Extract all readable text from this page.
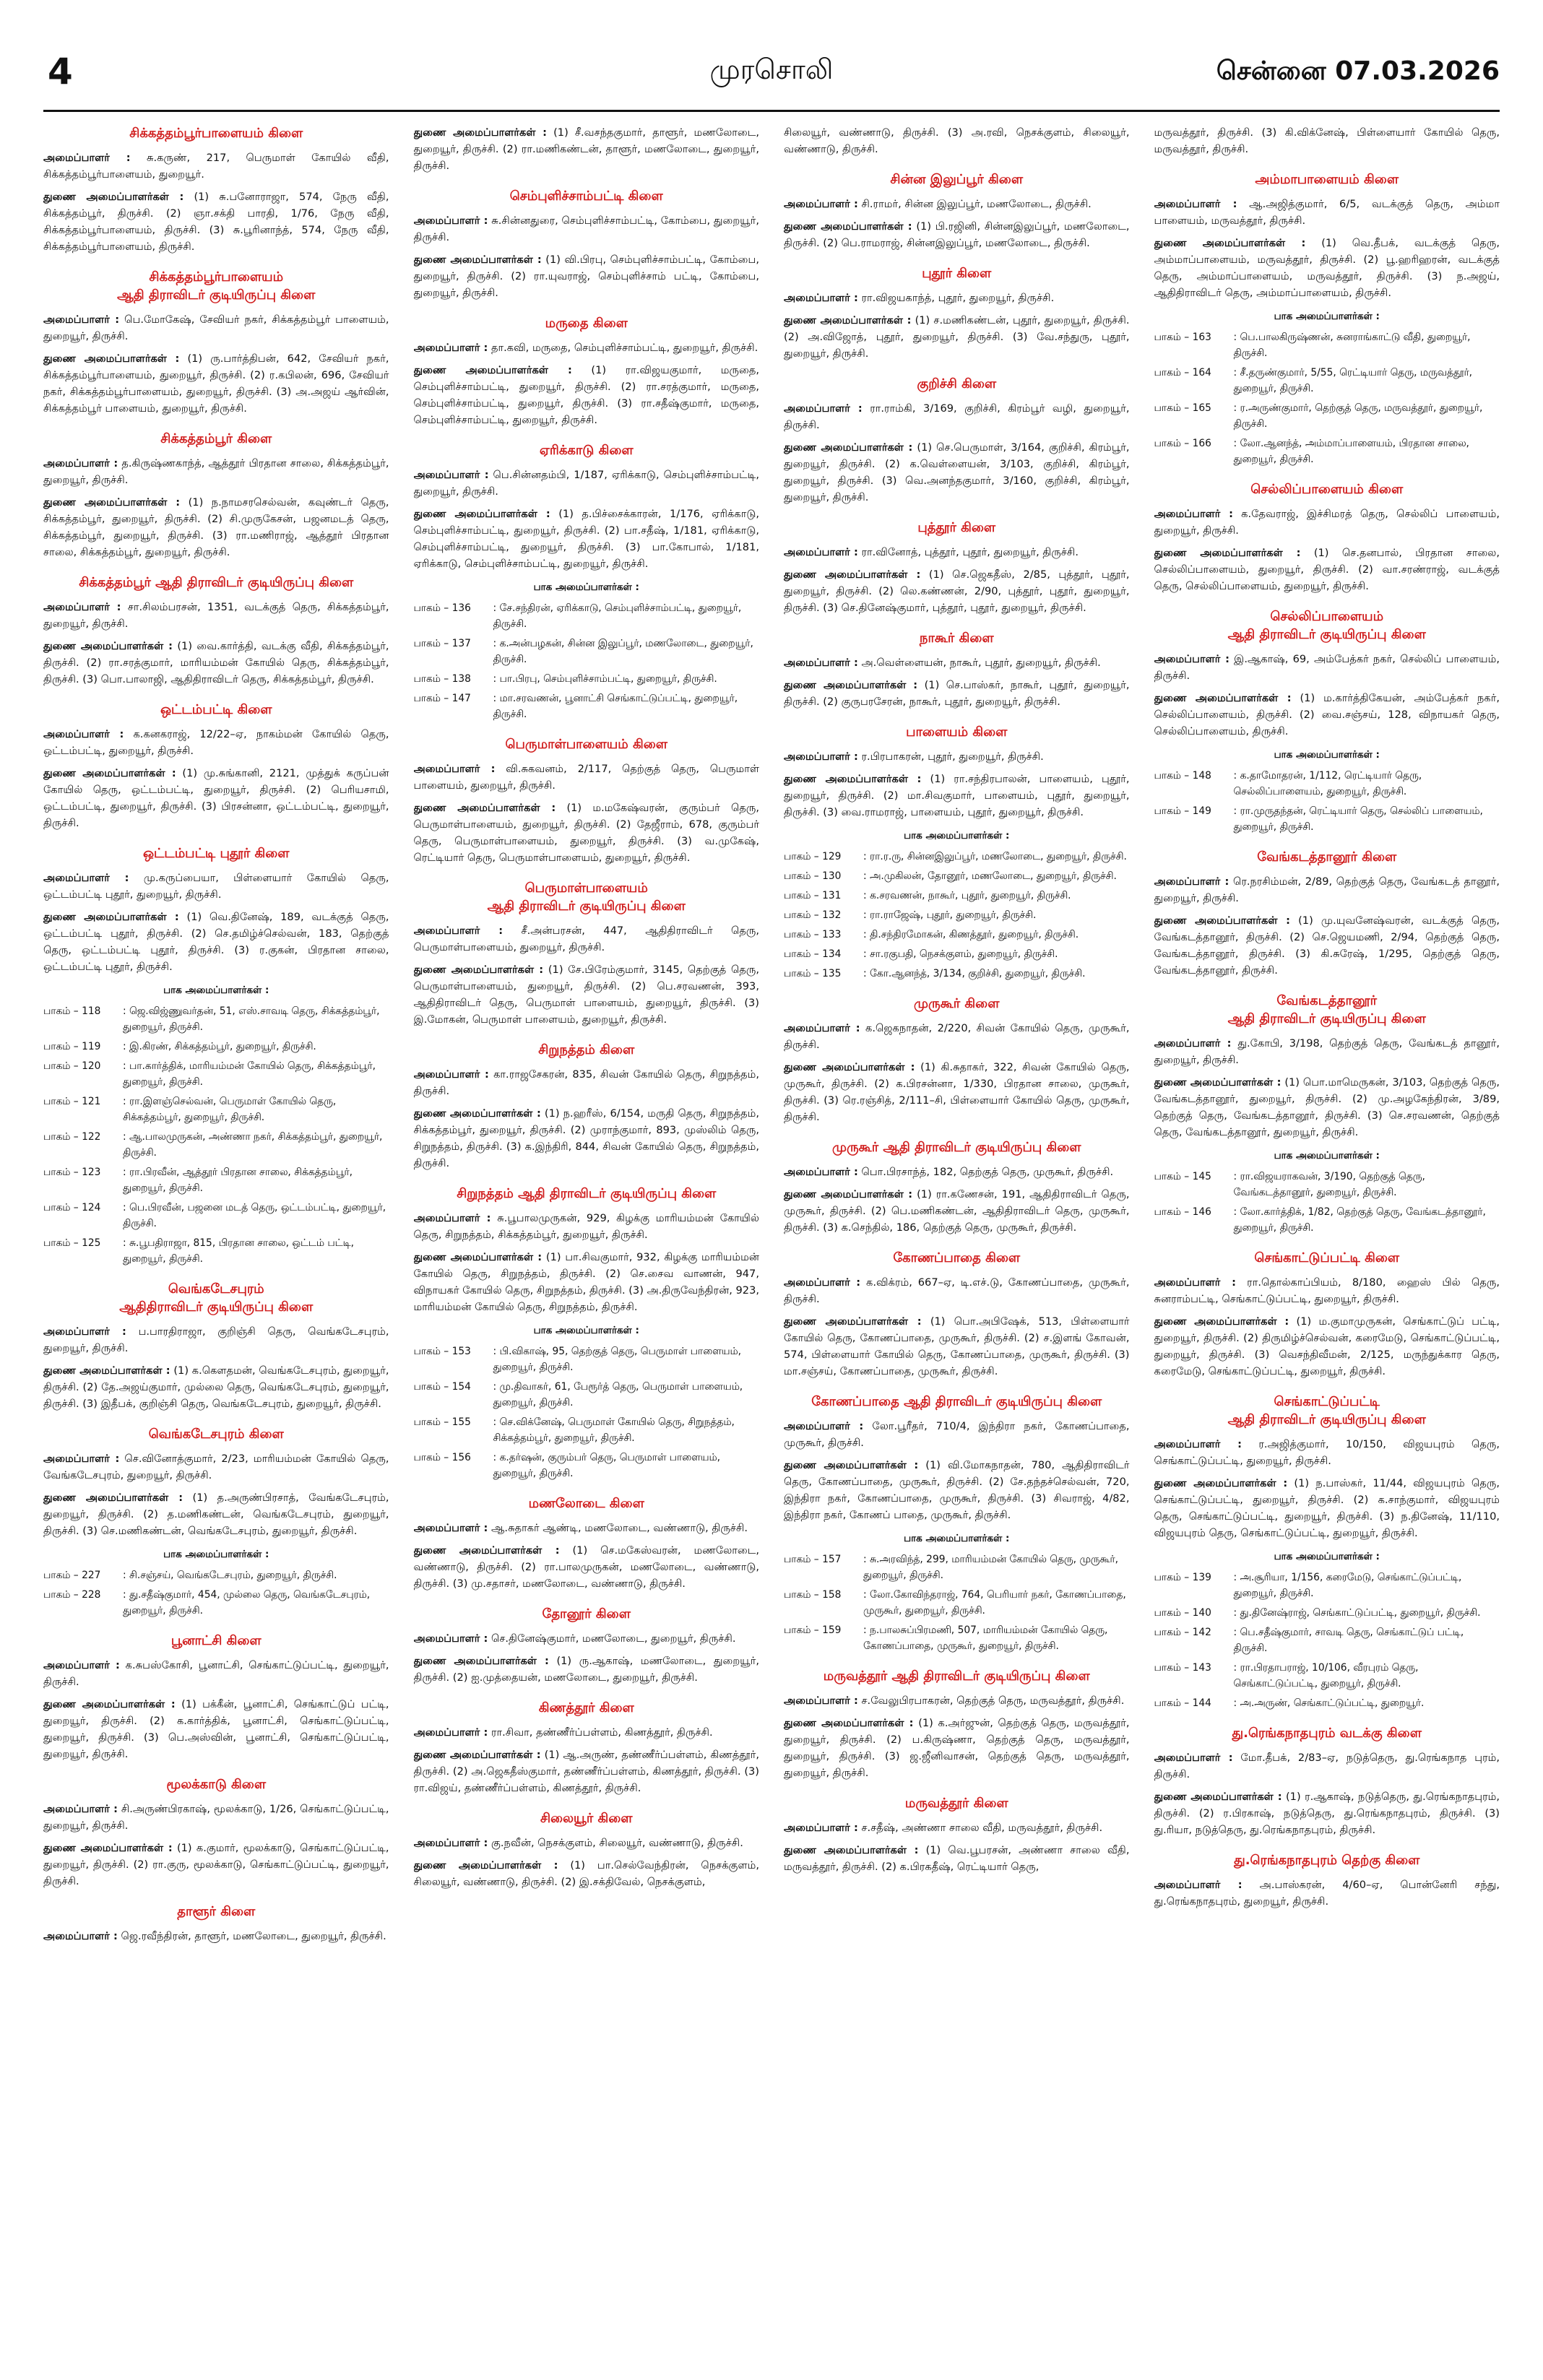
4	முரசொலி	சென்னை 07.03.2026
சிக்கத்தம்பூர்பாளையம் கிளை
அமைப்பாளர் : சு.கருண், 217, பெருமாள் கோயில் வீதி, சிக்கத்தம்பூர்பாளையம், துறையூர்.
துணை அமைப்பாளர்கள் : (1) சு.பனோராஜா, 574, நேரு வீதி, சிக்கத்தம்பூர், திருச்சி. (2) ஞா.சக்தி பாரதி, 1/76, நேரு வீதி, சிக்கத்தம்பூர்பாளையம், திருச்சி. (3) சு.பூரினாந்த், 574, நேரு வீதி, சிக்கத்தம்பூர்பாளையம், திருச்சி.
சிக்கத்தம்பூர்பாளையம்
ஆதி திராவிடர் குடியிருப்பு கிளை
அமைப்பாளர் : பெ.மோகேஷ், சேவியர் நகர், சிக்கத்தம்பூர் பாளையம், துறையூர், திருச்சி.
துணை அமைப்பாளர்கள் : (1) ரு.பார்த்திபன், 642, சேவியர் நகர், சிக்கத்தம்பூர்பாளையம், துறையூர், திருச்சி. (2) ர.கபிலன், 696, சேவியர் நகர், சிக்கத்தம்பூர்பாளையம், துறையூர், திருச்சி. (3) அ.அஜய் ஆர்வின், சிக்கத்தம்பூர் பாளையம், துறையூர், திருச்சி.
சிக்கத்தம்பூர் கிளை
அமைப்பாளர் : த.கிருஷ்ணகாந்த், ஆத்தூர் பிரதான சாலை, சிக்கத்தம்பூர், துறையூர், திருச்சி.
துணை அமைப்பாளர்கள் : (1) ந.நாமசரசெல்வன், கவுண்டர் தெரு, சிக்கத்தம்பூர், துறையூர், திருச்சி. (2) சி.முருகேசன், பஜனமடத் தெரு, சிக்கத்தம்பூர், துறையூர், திருச்சி. (3) ரா.மணிராஜ், ஆத்தூர் பிரதான சாலை, சிக்கத்தம்பூர், துறையூர், திருச்சி.
சிக்கத்தம்பூர் ஆதி திராவிடர் குடியிருப்பு கிளை
அமைப்பாளர் : சா.சிலம்பரசன், 1351, வடக்குத் தெரு, சிக்கத்தம்பூர், துறையூர், திருச்சி.
துணை அமைப்பாளர்கள் : (1) வை.கார்த்தி, வடக்கு வீதி, சிக்கத்தம்பூர், திருச்சி. (2) ரா.சரத்குமார், மாரியம்மன் கோயில் தெரு, சிக்கத்தம்பூர், திருச்சி. (3) பொ.பாலாஜி, ஆதிதிராவிடர் தெரு, சிக்கத்தம்பூர், திருச்சி.
ஒட்டம்பட்டி கிளை
அமைப்பாளர் : க.கனகராஜ், 12/22–ஏ, நாகம்மன் கோயில் தெரு, ஒட்டம்பட்டி, துறையூர், திருச்சி.
துணை அமைப்பாளர்கள் : (1) மு.சுங்கானி, 2121, முத்துக் கருப்பன் கோயில் தெரு, ஒட்டம்பட்டி, துறையூர், திருச்சி. (2) பெரியசாமி, ஒட்டம்பட்டி, துறையூர், திருச்சி. (3) பிரசன்னா, ஒட்டம்பட்டி, துறையூர், திருச்சி.
ஒட்டம்பட்டி புதூர் கிளை
அமைப்பாளர் : மு.கருப்பையா, பிள்ளையார் கோயில் தெரு, ஒட்டம்பட்டி புதூர், துறையூர், திருச்சி.
துணை அமைப்பாளர்கள் : (1) வெ.தினேஷ், 189, வடக்குத் தெரு, ஒட்டம்பட்டி புதூர், திருச்சி. (2) செ.தமிழ்ச்செல்வன், 183, தெற்குத் தெரு, ஒட்டம்பட்டி புதூர், திருச்சி. (3) ர.குகன், பிரதான சாலை, ஒட்டம்பட்டி புதூர், திருச்சி.
பாக அமைப்பாளர்கள் :
பாகம் – 118	: ஜெ.விஜ்ணுவர்தன், 51, எஸ்.சாவடி தெரு, சிக்கத்தம்பூர், துறையூர், திருச்சி.
பாகம் – 119	: இ.கிரண், சிக்கத்தம்பூர், துறையூர், திருச்சி.
பாகம் – 120	: பா.கார்த்திக், மாரியம்மன் கோயில் தெரு, சிக்கத்தம்பூர், துறையூர், திருச்சி.
பாகம் – 121	: ரா.இளஞ்செல்வன், பெருமாள் கோயில் தெரு, சிக்கத்தம்பூர், துறையூர், திருச்சி.
பாகம் – 122	: ஆ.பாலமுருகன், அண்ணா நகர், சிக்கத்தம்பூர், துறையூர், திருச்சி.
பாகம் – 123	: ரா.பிரவீன், ஆத்தூர் பிரதான சாலை, சிக்கத்தம்பூர், துறையூர், திருச்சி.
பாகம் – 124	: பெ.பிரவீன், பஜனை மடத் தெரு, ஒட்டம்பட்டி, துறையூர், திருச்சி.
பாகம் – 125	: சு.பூபதிராஜா, 815, பிரதான சாலை, ஒட்டம் பட்டி, துறையூர், திருச்சி.
வெங்கடேசபுரம்
ஆதிதிராவிடர் குடியிருப்பு கிளை
அமைப்பாளர் : ப.பாரதிராஜா, குறிஞ்சி தெரு, வெங்கடேசபுரம், துறையூர், திருச்சி.
துணை அமைப்பாளர்கள் : (1) க.கௌதமன், வெங்கடேசபுரம், துறையூர், திருச்சி. (2) தே.அஜய்குமார், முல்லை தெரு, வெங்கடேசபுரம், துறையூர், திருச்சி. (3) இதீபக், குறிஞ்சி தெரு, வெங்கடேசபுரம், துறையூர், திருச்சி.
வெங்கடேசபுரம் கிளை
அமைப்பாளர் : செ.வினோத்குமார், 2/23, மாரியம்மன் கோயில் தெரு, வேங்கடேசபுரம், துறையூர், திருச்சி.
துணை அமைப்பாளர்கள் : (1) த.அருண்பிரசாத், வேங்கடேசபுரம், துறையூர், திருச்சி. (2) த.மணிகண்டன், வெங்கடேசபுரம், துறையூர், திருச்சி. (3) செ.மணிகண்டன், வெங்கடேசபுரம், துறையூர், திருச்சி.
பாக அமைப்பாளர்கள் :
பாகம் – 227	: சி.சஞ்சய், வெங்கடேசபுரம், துறையூர், திருச்சி.
பாகம் – 228	: து.சதீஷ்குமார், 454, முல்லை தெரு, வெங்கடேசபுரம், துறையூர், திருச்சி.
பூனாட்சி கிளை
அமைப்பாளர் : க.சுபஸ்கோசி, பூனாட்சி, செங்காட்டுப்பட்டி, துறையூர், திருச்சி.
துணை அமைப்பாளர்கள் : (1) பக்கீன், பூனாட்சி, செங்காட்டுப் பட்டி, துறையூர், திருச்சி. (2) க.கார்த்திக், பூனாட்சி, செங்காட்டுப்பட்டி, துறையூர், திருச்சி. (3) பெ.அஸ்வின், பூனாட்சி, செங்காட்டுப்பட்டி, துறையூர், திருச்சி.
மூலக்காடு கிளை
அமைப்பாளர் : சி.அருண்பிரகாஷ், மூலக்காடு, 1/26, செங்காட்டுப்பட்டி, துறையூர், திருச்சி.
துணை அமைப்பாளர்கள் : (1) க.குமார், மூலக்காடு, செங்காட்டுப்பட்டி, துறையூர், திருச்சி. (2) ரா.குரு, மூலக்காடு, செங்காட்டுப்பட்டி, துறையூர், திருச்சி.
தாளூர் கிளை
அமைப்பாளர் : ஜெ.ரவீந்திரன், தாளூர், மணலோடை, துறையூர், திருச்சி.
துணை அமைப்பாளர்கள் : (1) சீ.வசந்தகுமார், தாளூர், மணலோடை, துறையூர், திருச்சி. (2) ரா.மணிகண்டன், தாளூர், மணலோடை, துறையூர், திருச்சி.
செம்புளிச்சாம்பட்டி கிளை
அமைப்பாளர் : சு.சின்னதுரை, செம்புளிச்சாம்பட்டி, கோம்பை, துறையூர், திருச்சி.
துணை அமைப்பாளர்கள் : (1) வி.பிரபு, செம்புளிச்சாம்பட்டி, கோம்பை, துறையூர், திருச்சி. (2) ரா.யுவராஜ், செம்புளிச்சாம் பட்டி, கோம்பை, துறையூர், திருச்சி.
மருதை கிளை
அமைப்பாளர் : தா.கவி, மருதை, செம்புளிச்சாம்பட்டி, துறையூர், திருச்சி.
துணை அமைப்பாளர்கள் : (1) ரா.விஜயகுமார், மருதை, செம்புளிச்சாம்பட்டி, துறையூர், திருச்சி. (2) ரா.சரத்குமார், மருதை, செம்புளிச்சாம்பட்டி, துறையூர், திருச்சி. (3) ரா.சதீஷ்குமார், மருதை, செம்புளிச்சாம்பட்டி, துறையூர், திருச்சி.
ஏரிக்காடு கிளை
அமைப்பாளர் : பெ.சின்னதம்பி, 1/187, ஏரிக்காடு, செம்புளிச்சாம்பட்டி, துறையூர், திருச்சி.
துணை அமைப்பாளர்கள் : (1) த.பிச்சைக்காரன், 1/176, ஏரிக்காடு, செம்புளிச்சாம்பட்டி, துறையூர், திருச்சி. (2) பா.சதீஷ், 1/181, ஏரிக்காடு, செம்புளிச்சாம்பட்டி, துறையூர், திருச்சி. (3) பா.கோபால், 1/181, ஏரிக்காடு, செம்புளிச்சாம்பட்டி, துறையூர், திருச்சி.
பாக அமைப்பாளர்கள் :
பாகம் – 136	: சே.சந்திரன், ஏரிக்காடு, செம்புளிச்சாம்பட்டி, துறையூர், திருச்சி.
பாகம் – 137	: க.அன்பழகன், சின்ன இலுப்பூர், மணலோடை, துறையூர், திருச்சி.
பாகம் – 138	: பா.பிரபு, செம்புளிச்சாம்பட்டி, துறையூர், திருச்சி.
பாகம் – 147	: மா.சரவணன், பூனாட்சி செங்காட்டுப்பட்டி, துறையூர், திருச்சி.
பெருமாள்பாளையம் கிளை
அமைப்பாளர் : வி.சுகவனம், 2/117, தெற்குத் தெரு, பெருமாள் பாளையம், துறையூர், திருச்சி.
துணை அமைப்பாளர்கள் : (1) ம.மகேஷ்வரன், குரும்பர் தெரு, பெருமாள்பாளையம், துறையூர், திருச்சி. (2) தேஜீராம், 678, குரும்பர் தெரு, பெருமாள்பாளையம், துறையூர், திருச்சி. (3) வ.முகேஷ், ரெட்டியார் தெரு, பெருமாள்பாளையம், துறையூர், திருச்சி.
பெருமாள்பாளையம்
ஆதி திராவிடர் குடியிருப்பு கிளை
அமைப்பாளர் : சீ.அன்பரசன், 447, ஆதிதிராவிடர் தெரு, பெருமாள்பாளையம், துறையூர், திருச்சி.
துணை அமைப்பாளர்கள் : (1) சே.பிரேம்குமார், 3145, தெற்குத் தெரு, பெருமாள்பாளையம், துறையூர், திருச்சி. (2) பெ.சரவணன், 393, ஆதிதிராவிடர் தெரு, பெருமாள் பாளையம், துறையூர், திருச்சி. (3) இ.மோகன், பெருமாள் பாளையம், துறையூர், திருச்சி.
சிறுநத்தம் கிளை
அமைப்பாளர் : கா.ராஜசேகரன், 835, சிவன் கோயில் தெரு, சிறுநத்தம், திருச்சி.
துணை அமைப்பாளர்கள் : (1) ந.ஹரீஸ், 6/154, மருதி தெரு, சிறுநத்தம், சிக்கத்தம்பூர், துறையூர், திருச்சி. (2) முராந்குமார், 893, முஸ்லிம் தெரு, சிறுநத்தம், திருச்சி. (3) க.இந்திரி, 844, சிவன் கோயில் தெரு, சிறுநத்தம், திருச்சி.
சிறுநத்தம் ஆதி திராவிடர் குடியிருப்பு கிளை
அமைப்பாளர் : சு.பூபாலமுருகன், 929, கிழக்கு மாரியம்மன் கோயில் தெரு, சிறுநத்தம், சிக்கத்தம்பூர், துறையூர், திருச்சி.
துணை அமைப்பாளர்கள் : (1) பா.சிவகுமார், 932, கிழக்கு மாரியம்மன் கோயில் தெரு, சிறுநத்தம், திருச்சி. (2) செ.சைவ வாணன், 947, விநாயகர் கோயில் தெரு, சிறுநத்தம், திருச்சி. (3) அ.திருவேந்திரன், 923, மாரியம்மன் கோயில் தெரு, சிறுநத்தம், திருச்சி.
பாக அமைப்பாளர்கள் :
பாகம் – 153	: பி.விகாஷ், 95, தெற்குத் தெரு, பெருமாள் பாளையம், துறையூர், திருச்சி.
பாகம் – 154	: மு.திவாகர், 61, பேரூர்த் தெரு, பெருமாள் பாளையம், துறையூர், திருச்சி.
பாகம் – 155	: செ.விக்னேஷ், பெருமாள் கோயில் தெரு, சிறுநத்தம், சிக்கத்தம்பூர், துறையூர், திருச்சி.
பாகம் – 156	: க.தர்ஷன், குரும்பர் தெரு, பெருமாள் பாளையம், துறையூர், திருச்சி.
மணலோடை கிளை
அமைப்பாளர் : ஆ.சுதாகர் ஆண்டி, மணலோடை, வண்ணாடு, திருச்சி.
துணை அமைப்பாளர்கள் : (1) செ.மகேஸ்வரன், மணலோடை, வண்ணாடு, திருச்சி. (2) ரா.பாலமுருகன், மணலோடை, வண்ணாடு, திருச்சி. (3) மு.சதாசர், மணலோடை, வண்ணாடு, திருச்சி.
தோனூர் கிளை
அமைப்பாளர் : செ.தினேஷ்குமார், மணலோடை, துறையூர், திருச்சி.
துணை அமைப்பாளர்கள் : (1) ரு.ஆகாஷ், மணலோடை, துறையூர், திருச்சி. (2) ஐ.முத்தையன், மணலோடை, துறையூர், திருச்சி.
கிணத்தூர் கிளை
அமைப்பாளர் : ரா.சிவா, தண்ணீர்ப்பள்ளம், கிணத்தூர், திருச்சி.
துணை அமைப்பாளர்கள் : (1) ஆ.அருண், தண்ணீர்ப்பள்ளம், கிணத்தூர், திருச்சி. (2) அ.ஜெகதீஸ்குமார், தண்ணீர்ப்பள்ளம், கிணத்தூர், திருச்சி. (3) ரா.விஜய், தண்ணீர்ப்பள்ளம், கிணத்தூர், திருச்சி.
சிலையூர் கிளை
அமைப்பாளர் : கு.நவீன், நெசக்குளம், சிலையூர், வண்ணாடு, திருச்சி.
துணை அமைப்பாளர்கள் : (1) பா.செல்வேந்திரன், நெசக்குளம், சிலையூர், வண்ணாடு, திருச்சி. (2) இ.சக்திவேல், நெசக்குளம்,
சிலையூர், வண்ணாடு, திருச்சி. (3) அ.ரவி, நெசக்குளம், சிலையூர், வண்ணாடு, திருச்சி.
சின்ன இலுப்பூர் கிளை
அமைப்பாளர் : சி.ராமர், சின்ன இலுப்பூர், மணலோடை, திருச்சி.
துணை அமைப்பாளர்கள் : (1) பி.ரஜினி, சின்னஇலுப்பூர், மணலோடை, திருச்சி. (2) பெ.ராமராஜ், சின்னஇலுப்பூர், மணலோடை, திருச்சி.
புதூர் கிளை
அமைப்பாளர் : ரா.விஜயகாந்த், புதூர், துறையூர், திருச்சி.
துணை அமைப்பாளர்கள் : (1) ச.மணிகண்டன், புதூர், துறையூர், திருச்சி. (2) அ.விஜோத், புதூர், துறையூர், திருச்சி. (3) வே.சந்துரு, புதூர், துறையூர், திருச்சி.
குறிச்சி கிளை
அமைப்பாளர் : ரா.ராம்கி, 3/169, குறிச்சி, கிரம்பூர் வழி, துறையூர், திருச்சி.
துணை அமைப்பாளர்கள் : (1) செ.பெருமாள், 3/164, குறிச்சி, கிரம்பூர், துறையூர், திருச்சி. (2) க.வெள்ளையன், 3/103, குறிச்சி, கிரம்பூர், துறையூர், திருச்சி. (3) வெ.அனந்தகுமார், 3/160, குறிச்சி, கிரம்பூர், துறையூர், திருச்சி.
புத்தூர் கிளை
அமைப்பாளர் : ரா.வினோத், புத்தூர், புதூர், துறையூர், திருச்சி.
துணை அமைப்பாளர்கள் : (1) செ.ஜெகதீஸ், 2/85, புத்தூர், புதூர், துறையூர், திருச்சி. (2) லெ.கண்ணன், 2/90, புத்தூர், புதூர், துறையூர், திருச்சி. (3) செ.தினேஷ்குமார், புத்தூர், புதூர், துறையூர், திருச்சி.
நாகூர் கிளை
அமைப்பாளர் : அ.வெள்ளையன், நாகூர், புதூர், துறையூர், திருச்சி.
துணை அமைப்பாளர்கள் : (1) செ.பாஸ்கர், நாகூர், புதூர், துறையூர், திருச்சி. (2) குருபரசேரன், நாகூர், புதூர், துறையூர், திருச்சி.
பாளையம் கிளை
அமைப்பாளர் : ர.பிரபாகரன், புதூர், துறையூர், திருச்சி.
துணை அமைப்பாளர்கள் : (1) ரா.சந்திரபாலன், பாளையம், புதூர், துறையூர், திருச்சி. (2) மா.சிவகுமார், பாளையம், புதூர், துறையூர், திருச்சி. (3) வை.ராமராஜ், பாளையம், புதூர், துறையூர், திருச்சி.
பாக அமைப்பாளர்கள் :
பாகம் – 129	: ரா.ர.ரு, சின்னஇலுப்பூர், மணலோடை, துறையூர், திருச்சி.
பாகம் – 130	: அ.முகிலன், தோனூர், மணலோடை, துறையூர், திருச்சி.
பாகம் – 131	: க.சரவணன், நாகூர், புதூர், துறையூர், திருச்சி.
பாகம் – 132	: ரா.ராஜேஷ், புதூர், துறையூர், திருச்சி.
பாகம் – 133	: தி.சந்திரமோகன், கிணத்தூர், துறையூர், திருச்சி.
பாகம் – 134	: சா.ரகுபதி, நெசக்குளம், துறையூர், திருச்சி.
பாகம் – 135	: கோ.ஆனந்த், 3/134, குறிச்சி, துறையூர், திருச்சி.
முருகூர் கிளை
அமைப்பாளர் : க.ஜெகநாதன், 2/220, சிவன் கோயில் தெரு, முருகூர், திருச்சி.
துணை அமைப்பாளர்கள் : (1) கி.சுதாகர், 322, சிவன் கோயில் தெரு, முருகூர், திருச்சி. (2) க.பிரசன்னா, 1/330, பிரதான சாலை, முருகூர், திருச்சி. (3) ரெ.ரஞ்சித், 2/111–சி, பிள்ளையார் கோயில் தெரு, முருகூர், திருச்சி.
முருகூர் ஆதி திராவிடர் குடியிருப்பு கிளை
அமைப்பாளர் : பொ.பிரசாந்த், 182, தெற்குத் தெரு, முருகூர், திருச்சி.
துணை அமைப்பாளர்கள் : (1) ரா.கணேசன், 191, ஆதிதிராவிடர் தெரு, முருகூர், திருச்சி. (2) பெ.மணிகண்டன், ஆதிதிராவிடர் தெரு, முருகூர், திருச்சி. (3) க.செந்தில், 186, தெற்குத் தெரு, முருகூர், திருச்சி.
கோணப்பாதை கிளை
அமைப்பாளர் : க.விக்ரம், 667–ஏ, டி.எச்.டு, கோணப்பாதை, முருகூர், திருச்சி.
துணை அமைப்பாளர்கள் : (1) பொ.அபிஷேக், 513, பிள்ளையார் கோயில் தெரு, கோணப்பாதை, முருகூர், திருச்சி. (2) ச.இளங் கோவன், 574, பிள்ளையார் கோயில் தெரு, கோணப்பாதை, முருகூர், திருச்சி. (3) மா.சஞ்சய், கோணப்பாதை, முருகூர், திருச்சி.
கோணப்பாதை ஆதி திராவிடர் குடியிருப்பு கிளை
அமைப்பாளர் : லோ.பூரீதர், 710/4, இந்திரா நகர், கோணப்பாதை, முருகூர், திருச்சி.
துணை அமைப்பாளர்கள் : (1) வி.மோகநாதன், 780, ஆதிதிராவிடர் தெரு, கோணப்பாதை, முருகூர், திருச்சி. (2) சே.தந்தச்செல்வன், 720, இந்திரா நகர், கோணப்பாதை, முருகூர், திருச்சி. (3) சிவராஜ், 4/82, இந்திரா நகர், கோணப் பாதை, முருகூர், திருச்சி.
பாக அமைப்பாளர்கள் :
பாகம் – 157	: சு.அரவிந்த், 299, மாரியம்மன் கோயில் தெரு, முருகூர், துறையூர், திருச்சி.
பாகம் – 158	: லோ.கோவிந்தராஜ், 764, பெரியார் நகர், கோணப்பாதை, முருகூர், துறையூர், திருச்சி.
பாகம் – 159	: ந.பாலசுப்பிரமணி, 507, மாரியம்மன் கோயில் தெரு, கோணப்பாதை, முருகூர், துறையூர், திருச்சி.
மருவத்தூர் ஆதி திராவிடர் குடியிருப்பு கிளை
அமைப்பாளர் : ச.வேலுபிரபாகரன், தெற்குத் தெரு, மருவத்தூர், திருச்சி.
துணை அமைப்பாளர்கள் : (1) க.அர்ஜுன், தெற்குத் தெரு, மருவத்தூர், துறையூர், திருச்சி. (2) ப.கிருஷ்ணா, தெற்குத் தெரு, மருவத்தூர், துறையூர், திருச்சி. (3) ஜ.ஜீனிவாசன், தெற்குத் தெரு, மருவத்தூர், துறையூர், திருச்சி.
மருவத்தூர் கிளை
அமைப்பாளர் : ச.சதீஷ், அண்ணா சாலை வீதி, மருவத்தூர், திருச்சி.
துணை அமைப்பாளர்கள் : (1) வெ.பூபரசன், அண்ணா சாலை வீதி, மருவத்தூர், திருச்சி. (2) க.பிரகதீஷ், ரெட்டியார் தெரு,
மருவத்தூர், திருச்சி. (3) கி.விக்னேஷ், பிள்ளையார் கோயில் தெரு, மருவத்தூர், திருச்சி.
அம்மாபாளையம் கிளை
அமைப்பாளர் : ஆ.அஜித்குமார், 6/5, வடக்குத் தெரு, அம்மா பாளையம், மருவத்தூர், திருச்சி.
துணை அமைப்பாளர்கள் : (1) வெ.தீபக், வடக்குத் தெரு, அம்மாப்பாளையம், மருவத்தூர், திருச்சி. (2) பூ.ஹரிஹரன், வடக்குத் தெரு, அம்மாப்பாளையம், மருவத்தூர், திருச்சி. (3) ந.அஜய், ஆதிதிராவிடர் தெரு, அம்மாப்பாளையம், திருச்சி.
பாக அமைப்பாளர்கள் :
பாகம் – 163	: பெ.பாலகிருஷ்ணன், சுனராங்காட்டு வீதி, துறையூர், திருச்சி.
பாகம் – 164	: சீ.தருண்குமார், 5/55, ரெட்டியார் தெரு, மருவத்தூர், துறையூர், திருச்சி.
பாகம் – 165	: ர.அருண்குமார், தெற்குத் தெரு, மருவத்தூர், துறையூர், திருச்சி.
பாகம் – 166	: லோ.ஆனந்த், அம்மாப்பாளையம், பிரதான சாலை, துறையூர், திருச்சி.
செல்லிப்பாளையம் கிளை
அமைப்பாளர் : க.தேவராஜ், இச்சிமரத் தெரு, செல்லிப் பாளையம், துறையூர், திருச்சி.
துணை அமைப்பாளர்கள் : (1) செ.தனபால், பிரதான சாலை, செல்லிப்பாளையம், துறையூர், திருச்சி. (2) வா.சரண்ராஜ், வடக்குத் தெரு, செல்லிப்பாளையம், துறையூர், திருச்சி.
செல்லிப்பாளையம்
ஆதி திராவிடர் குடியிருப்பு கிளை
அமைப்பாளர் : இ.ஆகாஷ், 69, அம்பேத்கர் நகர், செல்லிப் பாளையம், திருச்சி.
துணை அமைப்பாளர்கள் : (1) ம.கார்த்திகேயன், அம்பேத்கர் நகர், செல்லிப்பாளையம், திருச்சி. (2) வை.சஞ்சய், 128, விநாயகர் தெரு, செல்லிப்பாளையம், திருச்சி.
பாக அமைப்பாளர்கள் :
பாகம் – 148	: க.தாமோதரன், 1/112, ரெட்டியார் தெரு, செல்லிப்பாளையம், துறையூர், திருச்சி.
பாகம் – 149	: ரா.முருதந்தன், ரெட்டியார் தெரு, செல்லிப் பாளையம், துறையூர், திருச்சி.
வேங்கடத்தானூர் கிளை
அமைப்பாளர் : ரெ.நரசிம்மன், 2/89, தெற்குத் தெரு, வேங்கடத் தானூர், துறையூர், திருச்சி.
துணை அமைப்பாளர்கள் : (1) மு.யுவனேஷ்வரன், வடக்குத் தெரு, வேங்கடத்தானூர், திருச்சி. (2) செ.ஜெயமணி, 2/94, தெற்குத் தெரு, வேங்கடத்தானூர், திருச்சி. (3) கி.சுரேஷ், 1/295, தெற்குத் தெரு, வேங்கடத்தானூர், திருச்சி.
வேங்கடத்தானூர்
ஆதி திராவிடர் குடியிருப்பு கிளை
அமைப்பாளர் : து.கோபி, 3/198, தெற்குத் தெரு, வேங்கடத் தானூர், துறையூர், திருச்சி.
துணை அமைப்பாளர்கள் : (1) பொ.மாமெருகன், 3/103, தெற்குத் தெரு, வேங்கடத்தானூர், துறையூர், திருச்சி. (2) மு.அழகேந்திரன், 3/89, தெற்குத் தெரு, வேங்கடத்தானூர், திருச்சி. (3) செ.சரவணன், தெற்குத் தெரு, வேங்கடத்தானூர், துறையூர், திருச்சி.
பாக அமைப்பாளர்கள் :
பாகம் – 145	: ரா.விஜயராகவன், 3/190, தெற்குத் தெரு, வேங்கடத்தானூர், துறையூர், திருச்சி.
பாகம் – 146	: லோ.கார்த்திக், 1/82, தெற்குத் தெரு, வேங்கடத்தானூர், துறையூர், திருச்சி.
செங்காட்டுப்பட்டி கிளை
அமைப்பாளர் : ரா.தொல்காப்பியம், 8/180, ஹைஸ் பில் தெரு, சுனராம்பட்டி, செங்காட்டுப்பட்டி, துறையூர், திருச்சி.
துணை அமைப்பாளர்கள் : (1) ம.குமாமுருகன், செங்காட்டுப் பட்டி, துறையூர், திருச்சி. (2) திருமிழ்ச்செல்வன், கரைமேடு, செங்காட்டுப்பட்டி, துறையூர், திருச்சி. (3) வெசந்திவீமன், 2/125, மருந்துக்கார தெரு, கரைமேடு, செங்காட்டுப்பட்டி, துறையூர், திருச்சி.
செங்காட்டுப்பட்டி
ஆதி திராவிடர் குடியிருப்பு கிளை
அமைப்பாளர் : ர.அஜித்குமார், 10/150, விஜயபுரம் தெரு, செங்காட்டுப்பட்டி, துறையூர், திருச்சி.
துணை அமைப்பாளர்கள் : (1) ந.பாஸ்கர், 11/44, விஜயபுரம் தெரு, செங்காட்டுப்பட்டி, துறையூர், திருச்சி. (2) க.சாந்குமார், விஜயபுரம் தெரு, செங்காட்டுப்பட்டி, துறையூர், திருச்சி. (3) ந.தினேஷ், 11/110, விஜயபுரம் தெரு, செங்காட்டுப்பட்டி, துறையூர், திருச்சி.
பாக அமைப்பாளர்கள் :
பாகம் – 139	: அ.சூரியா, 1/156, கரைமேடு, செங்காட்டுப்பட்டி, துறையூர், திருச்சி.
பாகம் – 140	: து.தினேஷ்ராஜ், செங்காட்டுப்பட்டி, துறையூர், திருச்சி.
பாகம் – 142	: பெ.சதீஷ்குமார், சாவடி தெரு, செங்காட்டுப் பட்டி, திருச்சி.
பாகம் – 143	: ரா.பிரதாபராஜ், 10/106, வீரபுரம் தெரு, செங்காட்டுப்பட்டி, துறையூர், திருச்சி.
பாகம் – 144	: அ.அருண், செங்காட்டுப்பட்டி, துறையூர்.
து.ரெங்கநாதபுரம் வடக்கு கிளை
அமைப்பாளர் : மோ.தீபக், 2/83–ஏ, நடுத்தெரு, து.ரெங்கநாத புரம், திருச்சி.
துணை அமைப்பாளர்கள் : (1) ர.ஆகாஷ், நடுத்தெரு, து.ரெங்கநாதபுரம், திருச்சி. (2) ர.பிரகாஷ், நடுத்தெரு, து.ரெங்கநாதபுரம், திருச்சி. (3) து.ரியா, நடுத்தெரு, து.ரெங்கநாதபுரம், திருச்சி.
து.ரெங்கநாதபுரம் தெற்கு கிளை
அமைப்பாளர் : அ.பாஸ்கரன், 4/60–ஏ, பொன்னேரி சந்து, து.ரெங்கநாதபுரம், துறையூர், திருச்சி.
